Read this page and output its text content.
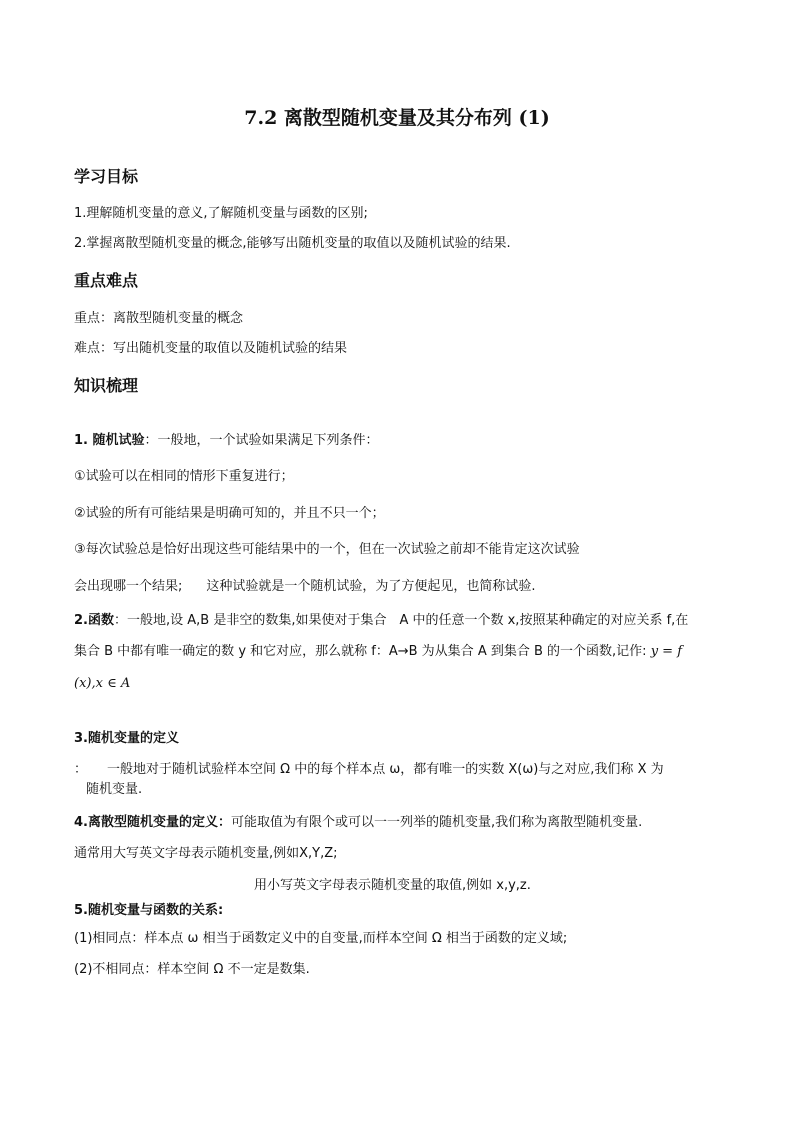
7.2 离散型随机变量及其分布列 (1)
学习目标
1.理解随机变量的意义,了解随机变量与函数的区别;
2.掌握离散型随机变量的概念,能够写出随机变量的取值以及随机试验的结果.
重点难点
重点：离散型随机变量的概念
难点：写出随机变量的取值以及随机试验的结果
知识梳理
1. 随机试验：一般地，一个试验如果满足下列条件：
①试验可以在相同的情形下重复进行；
②试验的所有可能结果是明确可知的，并且不只一个；
③每次试验总是恰好出现这些可能结果中的一个，但在一次试验之前却不能肯定这次试验
会出现哪一个结果; 这种试验就是一个随机试验，为了方便起见，也简称试验.
2.函数：一般地,设 A,B 是非空的数集,如果使对于集合　A 中的任意一个数 x,按照某种确定的对应关系 f,在
集合 B 中都有唯一确定的数 y 和它对应，那么就称 f：A→B 为从集合 A 到集合 B 的一个函数,记作: y = f
(x),x ∈ A
3.随机变量的定义
： 一般地对于随机试验样本空间 Ω 中的每个样本点 ω，都有唯一的实数 X(ω)与之对应,我们称 X 为
随机变量.
4.离散型随机变量的定义：可能取值为有限个或可以一一列举的随机变量,我们称为离散型随机变量.
通常用大写英文字母表示随机变量,例如X,Y,Z;
用小写英文字母表示随机变量的取值,例如 x,y,z.
5.随机变量与函数的关系:
(1)相同点：样本点 ω 相当于函数定义中的自变量,而样本空间 Ω 相当于函数的定义域;
(2)不相同点：样本空间 Ω 不一定是数集.
